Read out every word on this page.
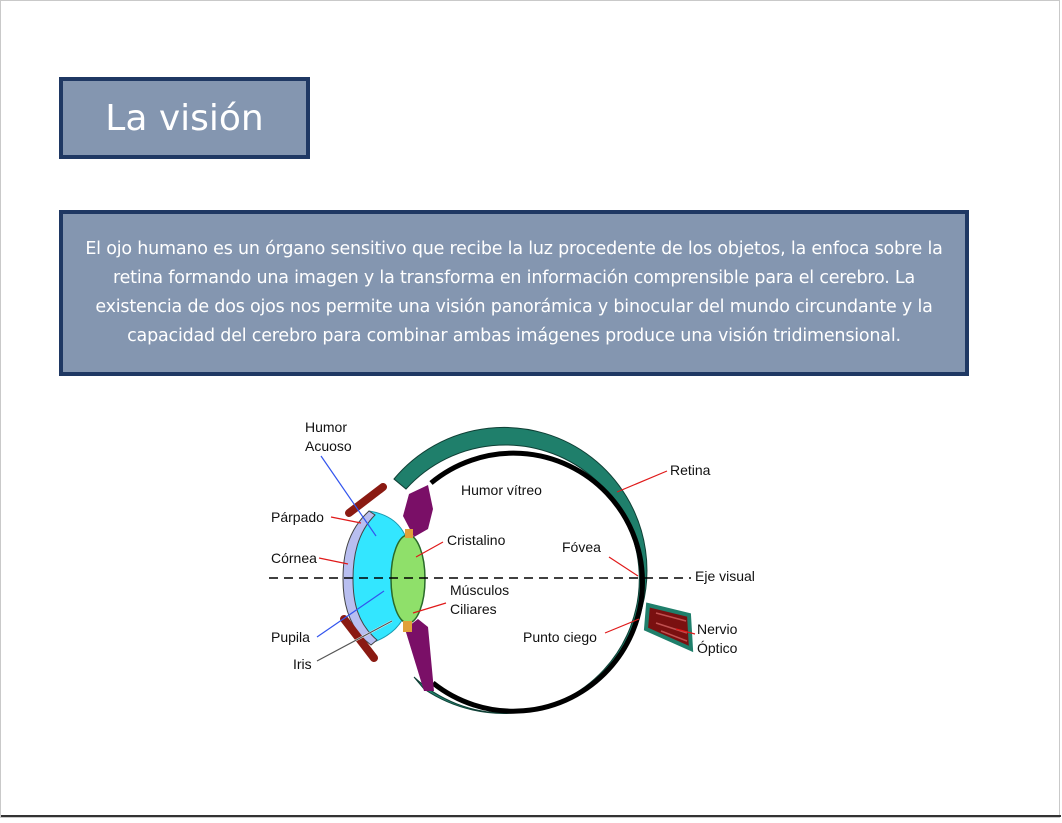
La visión
El ojo humano es un órgano sensitivo que recibe la luz procedente de los objetos, la enfoca sobre la retina formando una imagen y la transforma en información comprensible para el cerebro. La existencia de dos ojos nos permite una visión panorámica y binocular del mundo circundante y la capacidad del cerebro para combinar ambas imágenes produce una visión tridimensional.
Humor
Acuoso
Humor vítreo
Retina
Párpado
Cristalino	Fóvea
Córnea
Eje visual
Músculos
Ciliares
Pupila	Punto ciego	Nervio
Óptico
Iris
